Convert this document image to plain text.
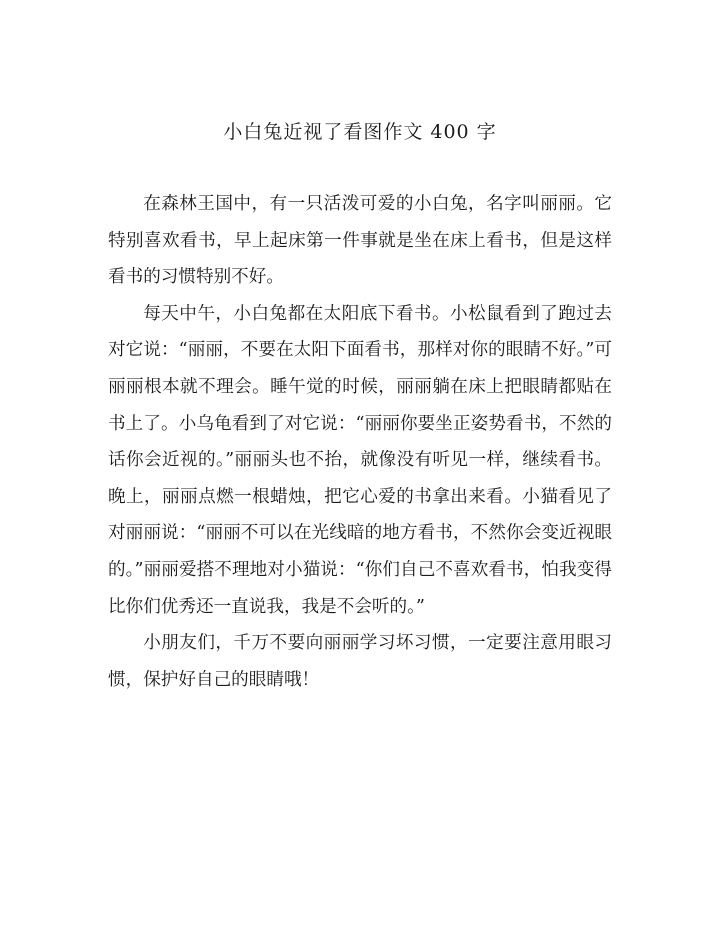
小白兔近视了看图作文 400 字

在森林王国中，有一只活泼可爱的小白兔，名字叫丽丽。它特别喜欢看书，早上起床第一件事就是坐在床上看书，但是这样看书的习惯特别不好。

每天中午，小白兔都在太阳底下看书。小松鼠看到了跑过去对它说：“丽丽，不要在太阳下面看书，那样对你的眼睛不好。”可丽丽根本就不理会。睡午觉的时候，丽丽躺在床上把眼睛都贴在书上了。小乌龟看到了对它说：“丽丽你要坐正姿势看书，不然的话你会近视的。”丽丽头也不抬，就像没有听见一样，继续看书。晚上，丽丽点燃一根蜡烛，把它心爱的书拿出来看。小猫看见了对丽丽说：“丽丽不可以在光线暗的地方看书，不然你会变近视眼的。”丽丽爱搭不理地对小猫说：“你们自己不喜欢看书，怕我变得比你们优秀还一直说我，我是不会听的。”

小朋友们，千万不要向丽丽学习坏习惯，一定要注意用眼习惯，保护好自己的眼睛哦！
